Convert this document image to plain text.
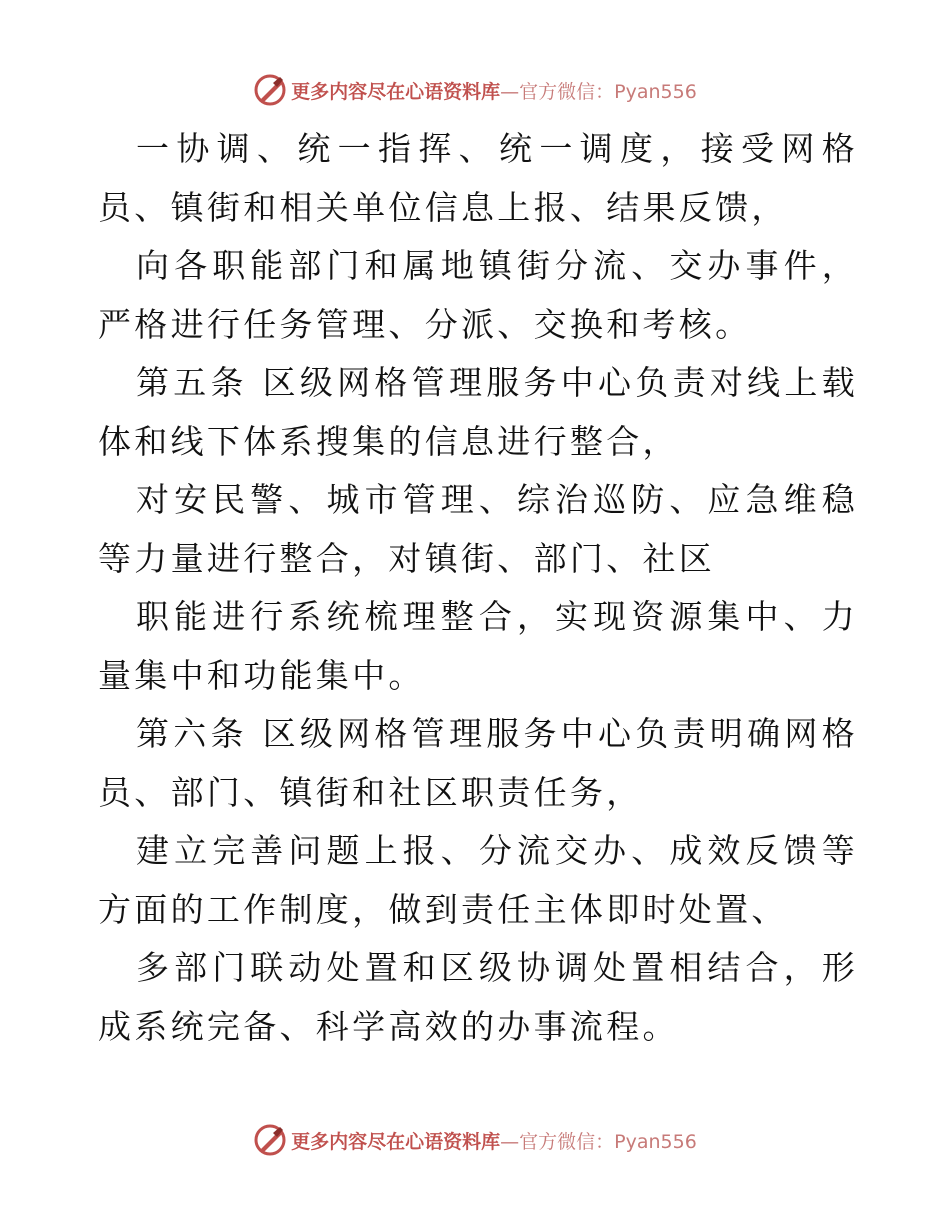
更多内容尽在心语资料库—官方微信：Pyan556

一协调、统一指挥、统一调度，接受网格员、镇街和相关单位信息上报、结果反馈，

向各职能部门和属地镇街分流、交办事件，严格进行任务管理、分派、交换和考核。

第五条 区级网格管理服务中心负责对线上载体和线下体系搜集的信息进行整合，

对安民警、城市管理、综治巡防、应急维稳等力量进行整合，对镇街、部门、社区

职能进行系统梳理整合，实现资源集中、力量集中和功能集中。

第六条 区级网格管理服务中心负责明确网格员、部门、镇街和社区职责任务，

建立完善问题上报、分流交办、成效反馈等方面的工作制度，做到责任主体即时处置、

多部门联动处置和区级协调处置相结合，形成系统完备、科学高效的办事流程。

更多内容尽在心语资料库—官方微信：Pyan556
